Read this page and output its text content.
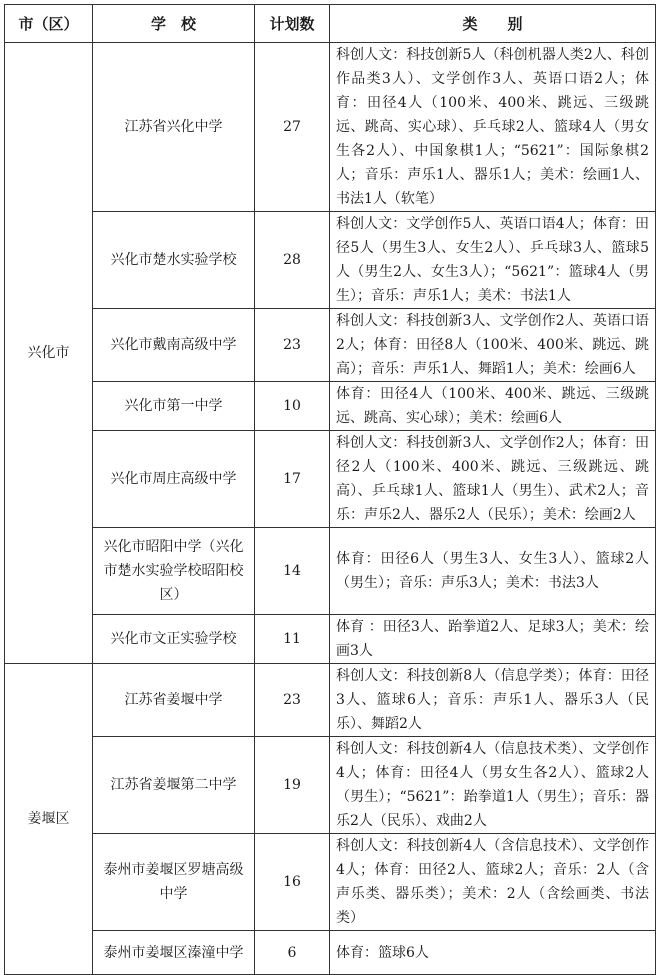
市（区）	学　校	计划数	类　　别
兴化市	江苏省兴化中学	27	科创人文：科技创新5人（科创机器人类2人、科创作品类3人）、文学创作3人、英语口语2人；体育：田径4人（100米、400米、跳远、三级跳远、跳高、实心球）、乒乓球2人、篮球4人（男女生各2人）、中国象棋1人；“5621”：国际象棋2人；音乐：声乐1人、器乐1人；美术：绘画1人、书法1人（软笔）
	兴化市楚水实验学校	28	科创人文：文学创作5人、英语口语4人；体育：田径5人（男生3人、女生2人）、乒乓球3人、篮球5人（男生2人、女生3人）；“5621”：篮球4人（男生）；音乐：声乐1人；美术：书法1人
	兴化市戴南高级中学	23	科创人文：科技创新3人、文学创作2人、英语口语2人；体育：田径8人（100米、400米、跳远、跳高）；音乐：声乐1人、舞蹈1人；美术：绘画6人
	兴化市第一中学	10	体育：田径4人（100米、400米、跳远、三级跳远、跳高、实心球）；美术：绘画6人
	兴化市周庄高级中学	17	科创人文：科技创新3人、文学创作2人；体育：田径2人（100米、400米、跳远、三级跳远、跳高）、乒乓球1人、篮球1人（男生）、武术2人；音乐：声乐2人、器乐2人（民乐）；美术：绘画2人
	兴化市昭阳中学（兴化市楚水实验学校昭阳校区）	14	体育：田径6人（男生3人、女生3人）、篮球2人（男生）；音乐：声乐3人；美术：书法3人
	兴化市文正实验学校	11	体育 ：田径3人、跆拳道2人、足球3人；美术：绘画3人
姜堰区	江苏省姜堰中学	23	科创人文：科技创新8人（信息学类）；体育：田径3人、篮球6人；音乐：声乐1人、器乐3人（民乐）、舞蹈2人
	江苏省姜堰第二中学	19	科创人文：科技创新4人（信息技术类）、文学创作4人；体育：田径4人（男女生各2人）、篮球2人（男生）；“5621”：跆拳道1人（男生）；音乐：器乐2人（民乐）、戏曲2人
	泰州市姜堰区罗塘高级中学	16	科创人文：科技创新4人（含信息技术）、文学创作4人；体育：田径2人、篮球2人；音乐：2人（含声乐类、器乐类）；美术：2人（含绘画类、书法类）
	泰州市姜堰区溱潼中学	6	体育：篮球6人
